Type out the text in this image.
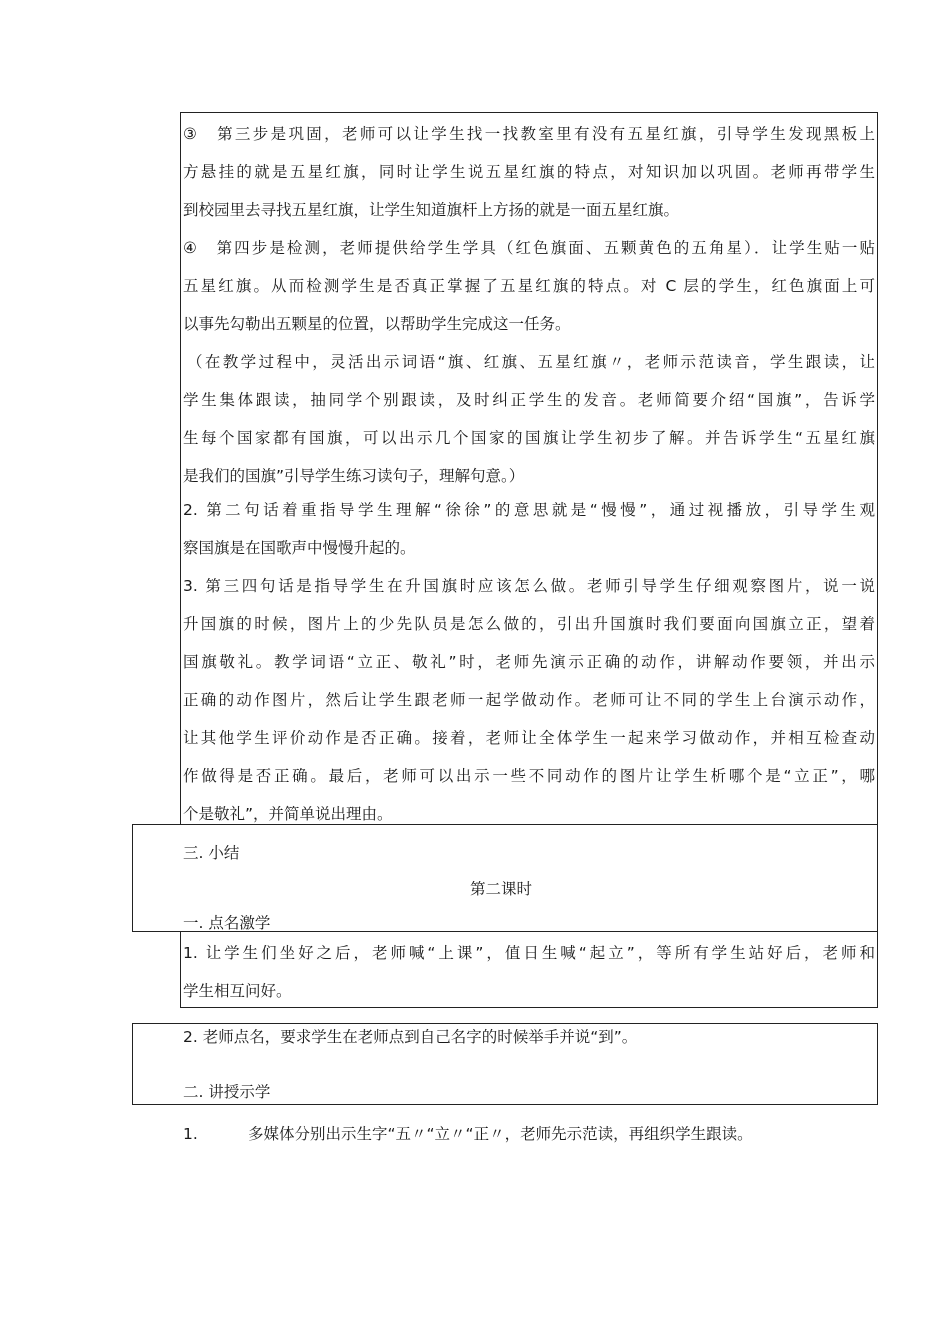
③　第三步是巩固，老师可以让学生找一找教室里有没有五星红旗，引导学生发现黑板上
方悬挂的就是五星红旗，同时让学生说五星红旗的特点，对知识加以巩固。老师再带学生
到校园里去寻找五星红旗，让学生知道旗杆上方扬的就是一面五星红旗。
④　第四步是检测，老师提供给学生学具（红色旗面、五颗黄色的五角星）．让学生贴一贴
五星红旗。从而检测学生是否真正掌握了五星红旗的特点。对 C 层的学生，红色旗面上可
以事先勾勒出五颗星的位置，以帮助学生完成这一任务。
（在教学过程中，灵活出示词语“旗、红旗、五星红旗〃，老师示范读音，学生跟读，让
学生集体跟读，抽同学个别跟读，及时纠正学生的发音。老师简要介绍“国旗”，告诉学
生每个国家都有国旗，可以出示几个国家的国旗让学生初步了解。并告诉学生“五星红旗
是我们的国旗”引导学生练习读句子，理解句意。）
2. 第二句话着重指导学生理解“徐徐”的意思就是“慢慢”，通过视播放，引导学生观
察国旗是在国歌声中慢慢升起的。
3. 第三四句话是指导学生在升国旗时应该怎么做。老师引导学生仔细观察图片，说一说
升国旗的时候，图片上的少先队员是怎么做的，引出升国旗时我们要面向国旗立正，望着
国旗敬礼。教学词语“立正、敬礼”时，老师先演示正确的动作，讲解动作要领，并出示
正确的动作图片，然后让学生跟老师一起学做动作。老师可让不同的学生上台演示动作，
让其他学生评价动作是否正确。接着，老师让全体学生一起来学习做动作，并相互检查动
作做得是否正确。最后，老师可以出示一些不同动作的图片让学生析哪个是“立正”，哪
个是敬礼”，并简单说出理由。
三. 小结
第二课时
一. 点名激学
1. 让学生们坐好之后，老师喊“上课”，值日生喊“起立”，等所有学生站好后，老师和
学生相互问好。
2. 老师点名，要求学生在老师点到自己名字的时候举手并说“到”。
二. 讲授示学
1.	多媒体分别出示生字“五〃“立〃“正〃，老师先示范读，再组织学生跟读。
